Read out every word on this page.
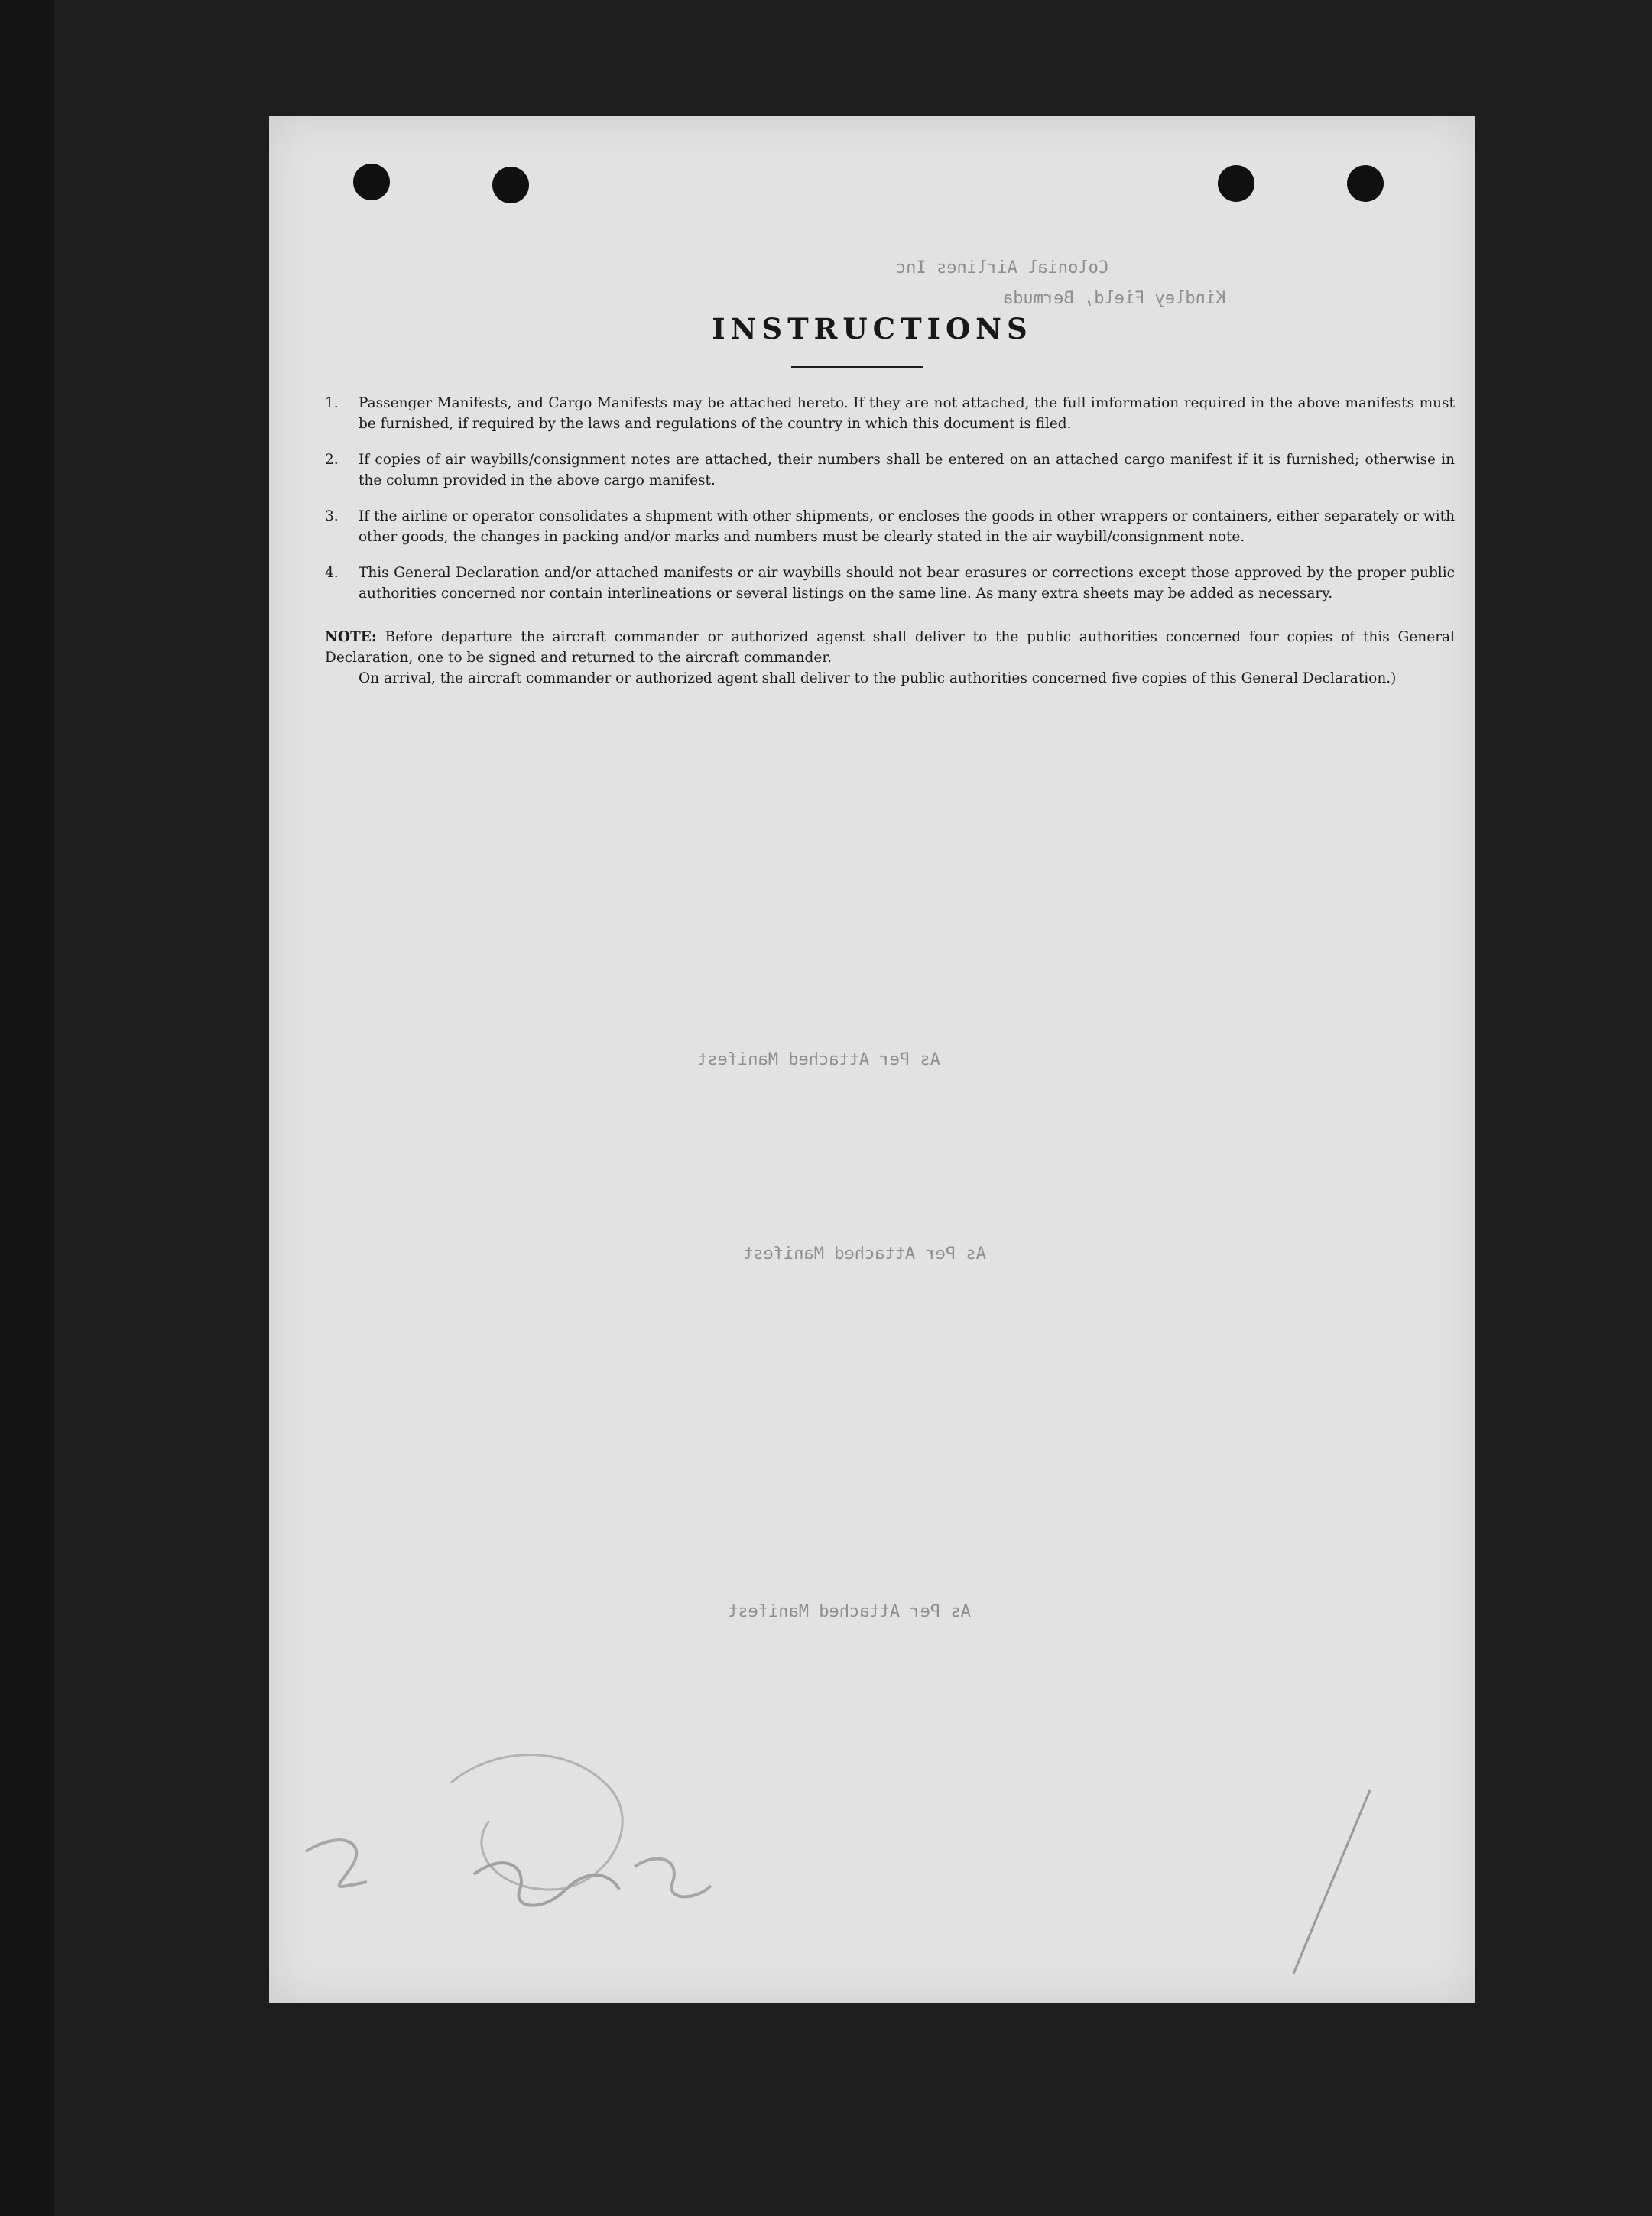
Colonial Airlines Inc
Kindley Field, Bermuda
INSTRUCTIONS
1. Passenger Manifests, and Cargo Manifests may be attached hereto. If they are not attached, the full imformation required in the above manifests must be furnished, if required by the laws and regulations of the country in which this document is filed.
2. If copies of air waybills/consignment notes are attached, their numbers shall be entered on an attached cargo manifest if it is furnished; otherwise in the column provided in the above cargo manifest.
3. If the airline or operator consolidates a shipment with other shipments, or encloses the goods in other wrappers or containers, either separately or with other goods, the changes in packing and/or marks and numbers must be clearly stated in the air waybill/consignment note.
4. This General Declaration and/or attached manifests or air waybills should not bear erasures or corrections except those approved by the proper public authorities concerned nor contain interlineations or several listings on the same line. As many extra sheets may be added as necessary.

NOTE: Before departure the aircraft commander or authorized agenst shall deliver to the public authorities concerned four copies of this General Declaration, one to be signed and returned to the aircraft commander.

On arrival, the aircraft commander or authorized agent shall deliver to the public authorities concerned five copies of this General Declaration.)

As Per Attached Manifest
As Per Attached Manifest
As Per Attached Manifest
